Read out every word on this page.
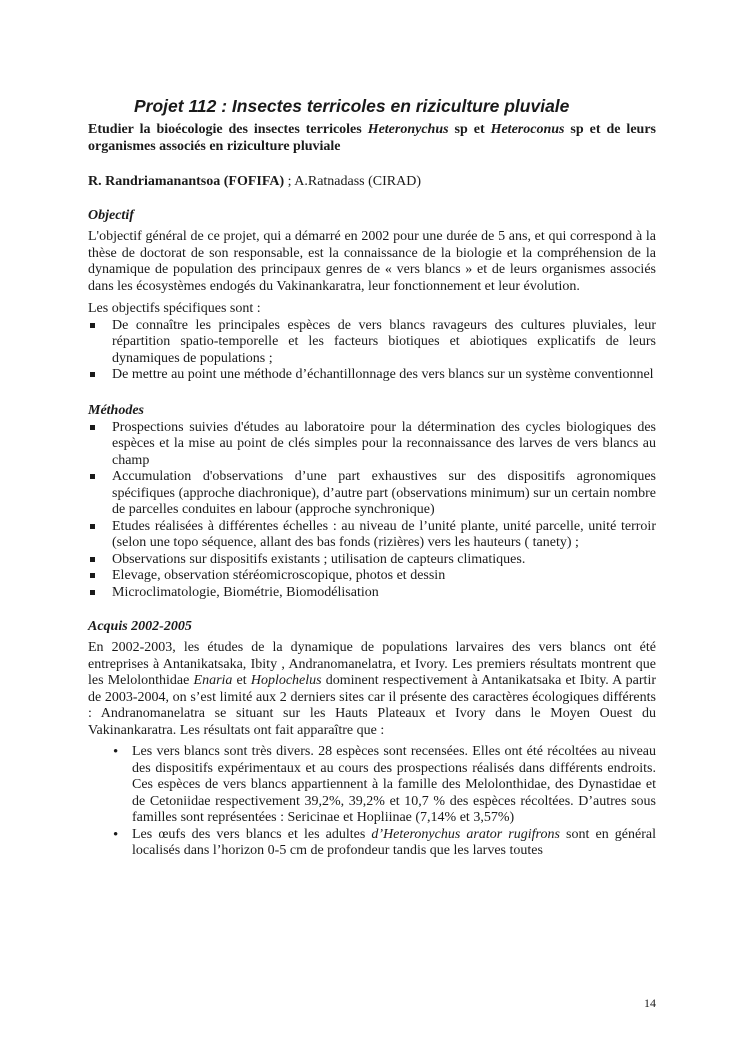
Projet 112 : Insectes terricoles en riziculture pluviale

Etudier la bioécologie des insectes terricoles Heteronychus sp et Heteroconus sp et de leurs organismes associés en riziculture pluviale

R. Randriamanantsoa (FOFIFA) ; A.Ratnadass (CIRAD)

Objectif

L'objectif général de ce projet, qui a démarré en 2002 pour une durée de 5 ans, et qui correspond à la thèse de doctorat de son responsable, est la connaissance de la biologie et la compréhension de la dynamique de population des principaux genres de « vers blancs » et de leurs organismes associés dans les écosystèmes endogés du Vakinankaratra, leur fonctionnement et leur évolution.

Les objectifs spécifiques sont :

De connaître les principales espèces de vers blancs ravageurs des cultures pluviales, leur répartition spatio-temporelle et les facteurs biotiques et abiotiques explicatifs de leurs dynamiques de populations ;
De mettre au point une méthode d’échantillonnage des vers blancs sur un système conventionnel
Méthodes
Prospections suivies d'études au laboratoire pour la détermination des cycles biologiques des espèces et la mise au point de clés simples pour la reconnaissance des larves de vers blancs au champ
Accumulation d'observations d’une part exhaustives sur des dispositifs agronomiques spécifiques (approche diachronique), d’autre part (observations minimum) sur un certain nombre de parcelles conduites en labour (approche synchronique)
Etudes réalisées à différentes échelles : au niveau de l’unité plante, unité parcelle, unité terroir (selon une topo séquence, allant des bas fonds (rizières) vers les hauteurs ( tanety) ;
Observations sur dispositifs existants ; utilisation de capteurs climatiques.
Elevage, observation stéréomicroscopique, photos et dessin
Microclimatologie, Biométrie, Biomodélisation
Acquis 2002-2005

En 2002-2003, les études de la dynamique de populations larvaires des vers blancs ont été entreprises à Antanikatsaka, Ibity , Andranomanelatra, et Ivory. Les premiers résultats montrent que les Melolonthidae Enaria et Hoplochelus dominent respectivement à Antanikatsaka et Ibity. A partir de 2003-2004, on s’est limité aux 2 derniers sites car il présente des caractères écologiques différents : Andranomanelatra se situant sur les Hauts Plateaux et Ivory dans le Moyen Ouest du Vakinankaratra. Les résultats ont fait apparaître que :

• Les vers blancs sont très divers. 28 espèces sont recensées. Elles ont été récoltées au niveau des dispositifs expérimentaux et au cours des prospections réalisés dans différents endroits. Ces espèces de vers blancs appartiennent à la famille des Melolonthidae, des Dynastidae et de Cetoniidae respectivement 39,2%, 39,2% et 10,7 % des espèces récoltées. D’autres sous familles sont représentées : Sericinae et Hopliinae (7,14% et 3,57%)
• Les œufs des vers blancs et les adultes d’Heteronychus arator rugifrons sont en général localisés dans l’horizon 0-5 cm de profondeur tandis que les larves toutes
14
